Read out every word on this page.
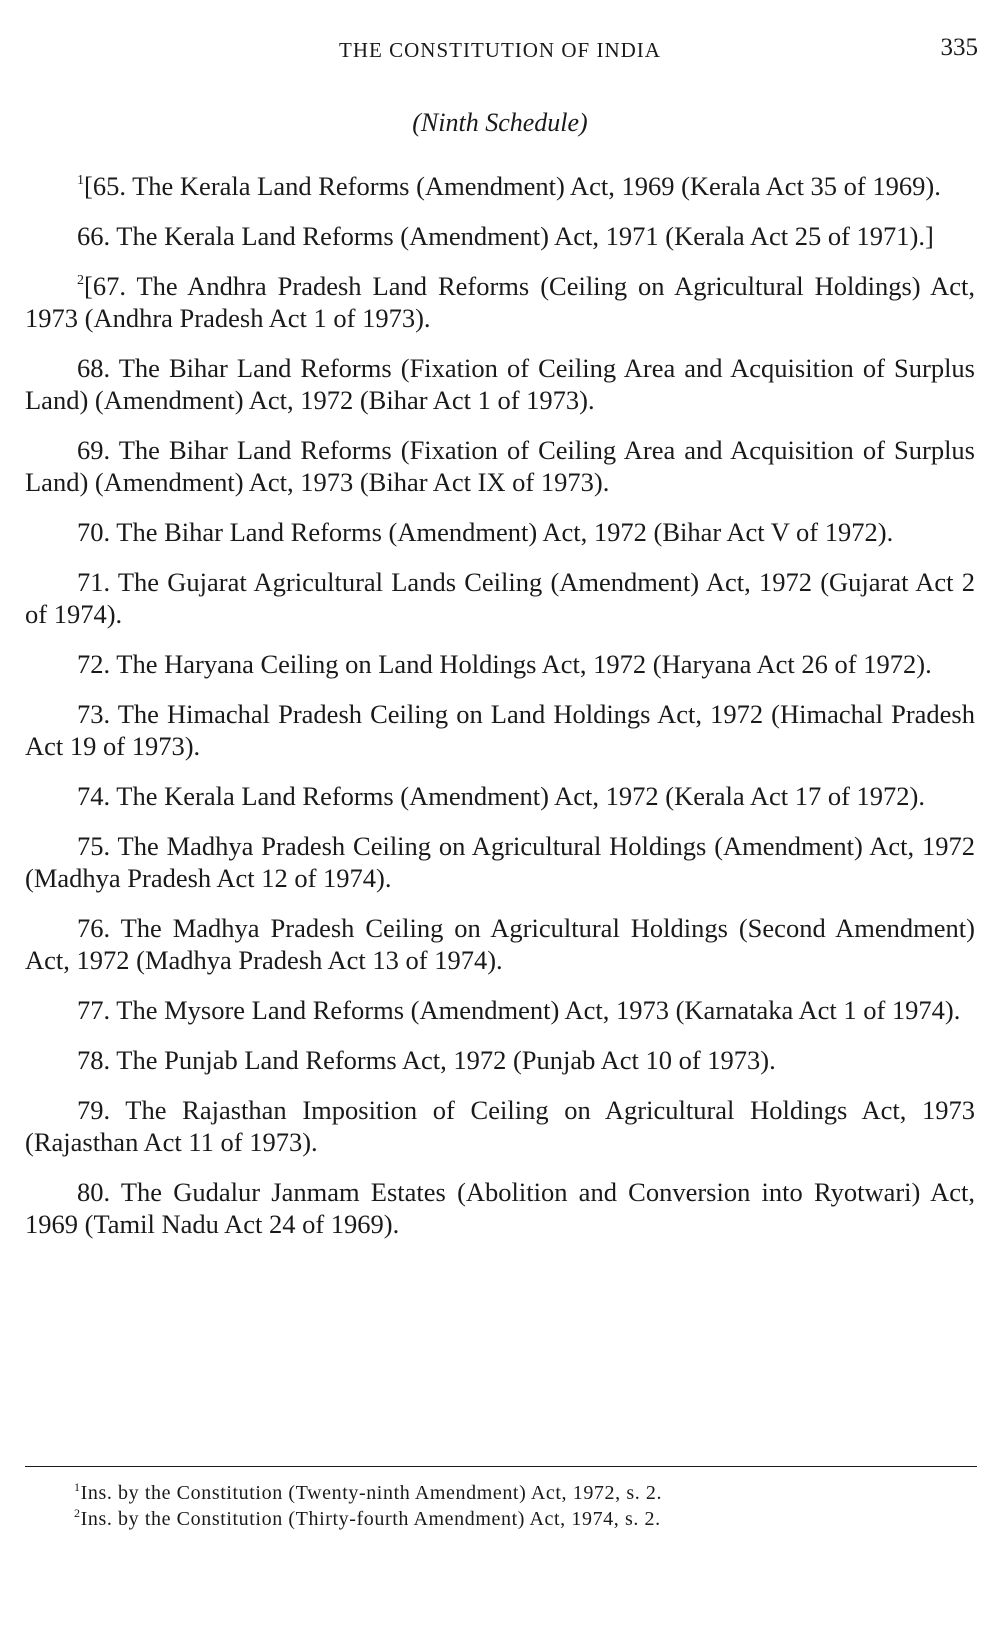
THE CONSTITUTION OF INDIA	335
(Ninth Schedule)

$^1$[65. The Kerala Land Reforms (Amendment) Act, 1969 (Kerala Act 35 of 1969).

66. The Kerala Land Reforms (Amendment) Act, 1971 (Kerala Act 25 of 1971).]

$^2$[67. The Andhra Pradesh Land Reforms (Ceiling on Agricultural Holdings) Act, 1973 (Andhra Pradesh Act 1 of 1973).

68. The Bihar Land Reforms (Fixation of Ceiling Area and Acquisition of Surplus Land) (Amendment) Act, 1972 (Bihar Act 1 of 1973).

69. The Bihar Land Reforms (Fixation of Ceiling Area and Acquisition of Surplus Land) (Amendment) Act, 1973 (Bihar Act IX of 1973).

70. The Bihar Land Reforms (Amendment) Act, 1972 (Bihar Act V of 1972).

71. The Gujarat Agricultural Lands Ceiling (Amendment) Act, 1972 (Gujarat Act 2 of 1974).

72. The Haryana Ceiling on Land Holdings Act, 1972 (Haryana Act 26 of 1972).

73. The Himachal Pradesh Ceiling on Land Holdings Act, 1972 (Himachal Pradesh Act 19 of 1973).

74. The Kerala Land Reforms (Amendment) Act, 1972 (Kerala Act 17 of 1972).

75. The Madhya Pradesh Ceiling on Agricultural Holdings (Amendment) Act, 1972 (Madhya Pradesh Act 12 of 1974).

76. The Madhya Pradesh Ceiling on Agricultural Holdings (Second Amendment) Act, 1972 (Madhya Pradesh Act 13 of 1974).

77. The Mysore Land Reforms (Amendment) Act, 1973 (Karnataka Act 1 of 1974).

78. The Punjab Land Reforms Act, 1972 (Punjab Act 10 of 1973).

79. The Rajasthan Imposition of Ceiling on Agricultural Holdings Act, 1973 (Rajasthan Act 11 of 1973).

80. The Gudalur Janmam Estates (Abolition and Conversion into Ryotwari) Act, 1969 (Tamil Nadu Act 24 of 1969).

$^1$Ins. by the Constitution (Twenty-ninth Amendment) Act, 1972, s. 2.
$^2$Ins. by the Constitution (Thirty-fourth Amendment) Act, 1974, s. 2.
